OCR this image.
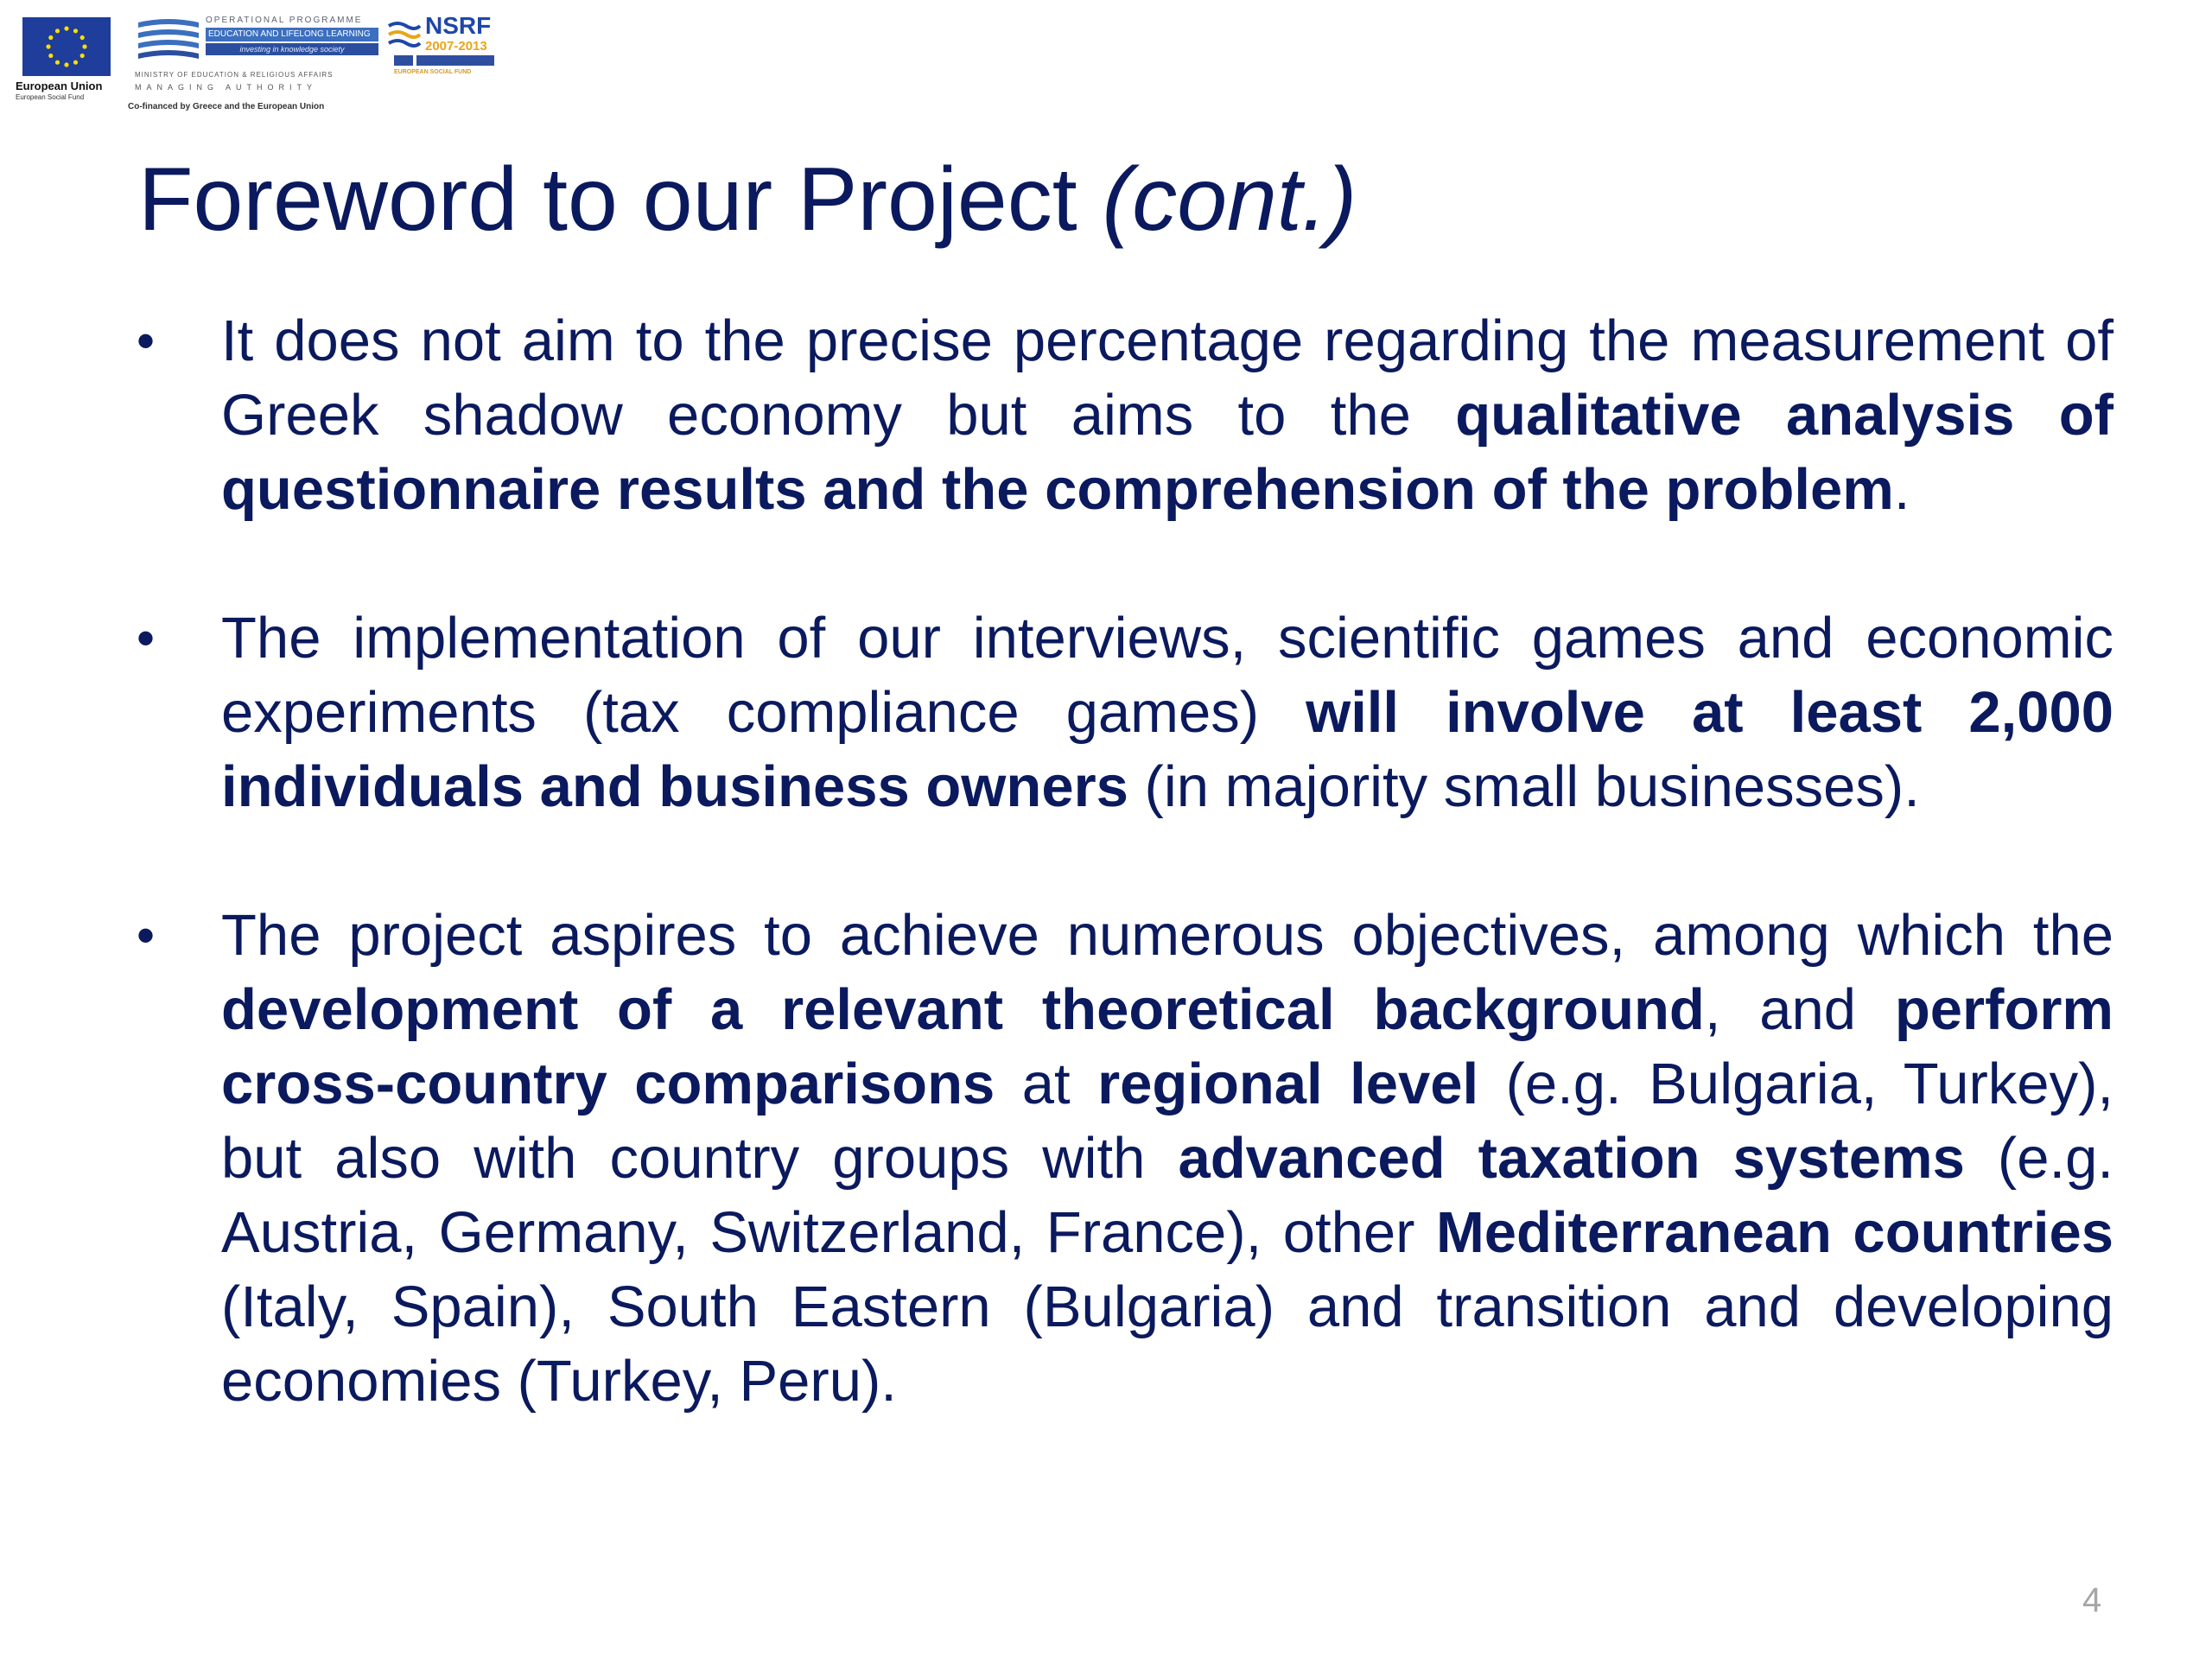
European Union
European Social Fund
OPERATIONAL PROGRAMME
EDUCATION AND LIFELONG LEARNING
investing in knowledge society
MINISTRY OF EDUCATION & RELIGIOUS AFFAIRS
MANAGING AUTHORITY
Co-financed by Greece and the European Union
NSRF
2007-2013
EUROPEAN SOCIAL FUND
Foreword to our Project (cont.)
• It does not aim to the precise percentage regarding the measurement of Greek shadow economy but aims to the qualitative analysis of questionnaire results and the comprehension of the problem.
• The implementation of our interviews, scientific games and economic experiments (tax compliance games) will involve at least 2,000 individuals and business owners (in majority small businesses).
• The project aspires to achieve numerous objectives, among which the development of a relevant theoretical background, and perform cross-country comparisons at regional level (e.g. Bulgaria, Turkey), but also with country groups with advanced taxation systems (e.g. Austria, Germany, Switzerland, France), other Mediterranean countries (Italy, Spain), South Eastern (Bulgaria) and transition and developing economies (Turkey, Peru).
4
